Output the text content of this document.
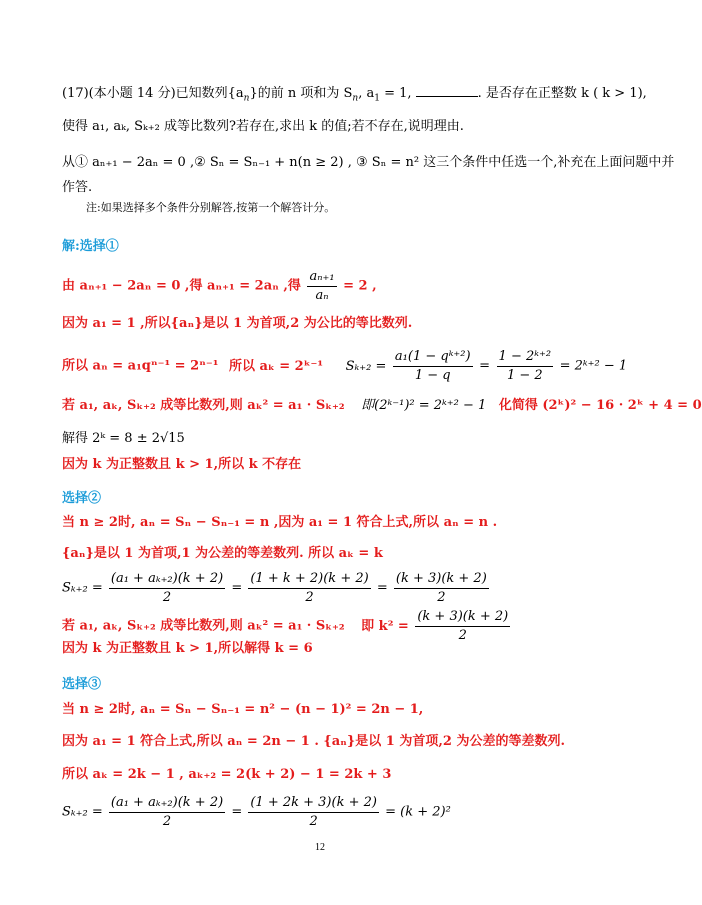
(17)(本小题 14 分)已知数列$\{a_n\}$的前 n 项和为 $S_n$, $a_1 = 1$,	. 是否存在正整数 k ( k > 1),
使得 a₁, aₖ, Sₖ₊₂ 成等比数列?若存在,求出 k 的值;若不存在,说明理由.
从① aₙ₊₁ − 2aₙ = 0 ,② Sₙ = Sₙ₋₁ + n(n ≥ 2) , ③ Sₙ = n² 这三个条件中任选一个,补充在上面问题中并
作答.
注:如果选择多个条件分别解答,按第一个解答计分。
解:选择①
由 aₙ₊₁ − 2aₙ = 0 ,得 aₙ₊₁ = 2aₙ ,得 $\frac{\text{aₙ₊₁}}{\text{aₙ}} = 2$ ,
因为 a₁ = 1 ,所以{aₙ}是以 1 为首项,2 为公比的等比数列.
所以 aₙ = a₁qⁿ⁻¹ = 2ⁿ⁻¹ 所以 aₖ = 2ᵏ⁻¹ $S_{k+2} = \frac{\text{a₁(1 − qᵏ⁺²)}}{1 - q} = \frac{\text{1 − 2ᵏ⁺²}}{1 - 2}$ = 2ᵏ⁺² − 1
若 a₁, aₖ, Sₖ₊₂ 成等比数列,则 aₖ² = a₁ · Sₖ₊₂ 即(2ᵏ⁻¹)² = 2ᵏ⁺² − 1 化简得 (2ᵏ)² − 16 · 2ᵏ + 4 = 0
解得 2ᵏ = 8 ± 2√15
因为 k 为正整数且 k > 1,所以 k 不存在
选择②
当 n ≥ 2时, aₙ = Sₙ − Sₙ₋₁ = n ,因为 a₁ = 1 符合上式,所以 aₙ = n .
{aₙ}是以 1 为首项,1 为公差的等差数列. 所以 aₖ = k
$S_{k+2} = \frac{\text{(a₁ + aₖ₊₂)(k + 2)}}{2} = \frac{(1 + k + 2)(k + 2)}{2} = \frac{(k + 3)(k + 2)}{2}$
若 a₁, aₖ, Sₖ₊₂ 成等比数列,则 aₖ² = a₁ · Sₖ₊₂ 即 $k^2 = \frac{(k + 3)(k + 2)}{2}$
因为 k 为正整数且 k > 1,所以解得 k = 6
选择③
当 n ≥ 2时, aₙ = Sₙ − Sₙ₋₁ = n² − (n − 1)² = 2n − 1,
因为 a₁ = 1 符合上式,所以 aₙ = 2n − 1 . {aₙ}是以 1 为首项,2 为公差的等差数列.
所以 aₖ = 2k − 1 , aₖ₊₂ = 2(k + 2) − 1 = 2k + 3
$S_{k+2} = \frac{\text{(a₁ + aₖ₊₂)(k + 2)}}{2} = \frac{(1 + 2k + 3)(k + 2)}{2} = (k + 2)^2$
12
